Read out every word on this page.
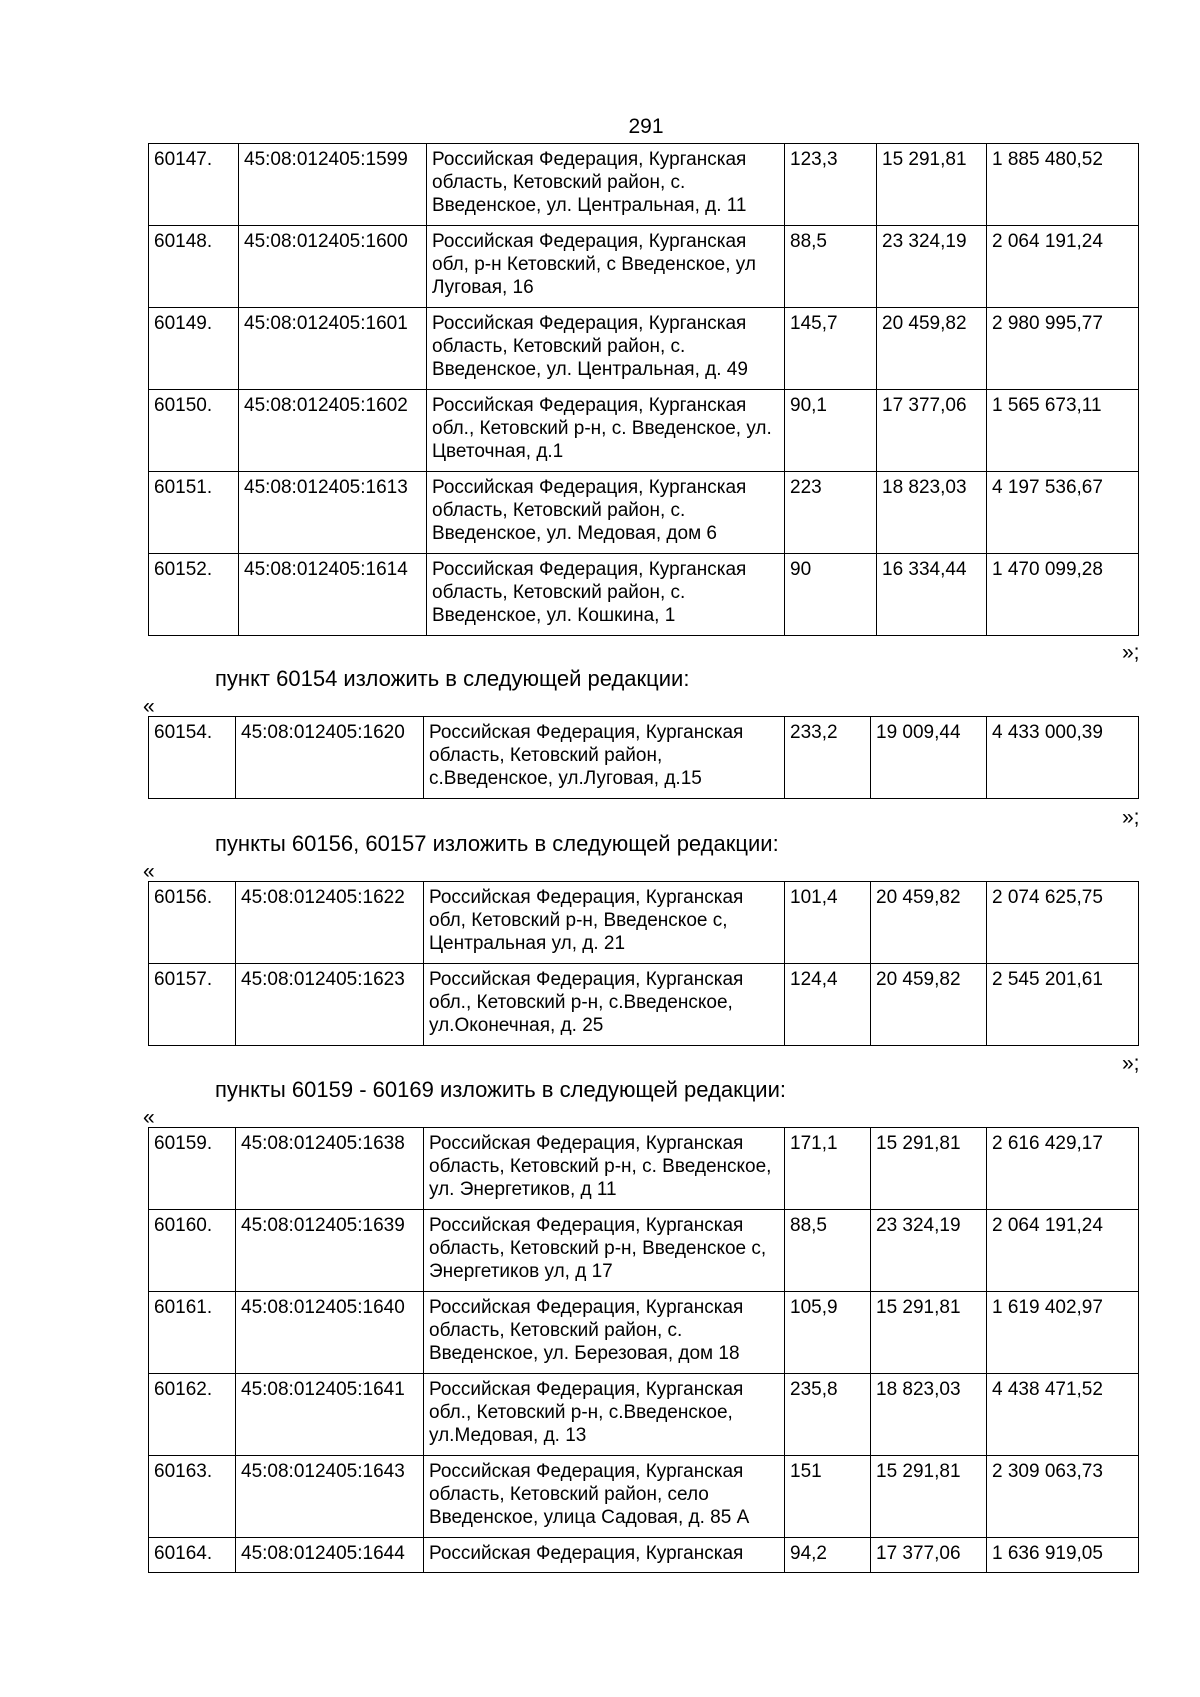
291
60147.	45:08:012405:1599	Российская Федерация, Курганская область, Кетовский район, с. Введенское, ул. Центральная, д. 11	123,3	15 291,81	1 885 480,52
60148.	45:08:012405:1600	Российская Федерация, Курганская обл, р-н Кетовский, с Введенское, ул Луговая, 16	88,5	23 324,19	2 064 191,24
60149.	45:08:012405:1601	Российская Федерация, Курганская область, Кетовский район, с. Введенское, ул. Центральная, д. 49	145,7	20 459,82	2 980 995,77
60150.	45:08:012405:1602	Российская Федерация, Курганская обл., Кетовский р-н, с. Введенское, ул. Цветочная, д.1	90,1	17 377,06	1 565 673,11
60151.	45:08:012405:1613	Российская Федерация, Курганская область, Кетовский район, с. Введенское, ул. Медовая, дом 6	223	18 823,03	4 197 536,67
60152.	45:08:012405:1614	Российская Федерация, Курганская область, Кетовский район, с. Введенское, ул. Кошкина, 1	90	16 334,44	1 470 099,28
»;
пункт 60154 изложить в следующей редакции:
«
60154.	45:08:012405:1620	Российская Федерация, Курганская область, Кетовский район, с.Введенское, ул.Луговая, д.15	233,2	19 009,44	4 433 000,39
»;
пункты 60156, 60157 изложить в следующей редакции:
«
60156.	45:08:012405:1622	Российская Федерация, Курганская обл, Кетовский р-н, Введенское с, Центральная ул, д. 21	101,4	20 459,82	2 074 625,75
60157.	45:08:012405:1623	Российская Федерация, Курганская обл., Кетовский р-н, с.Введенское, ул.Оконечная, д. 25	124,4	20 459,82	2 545 201,61
»;
пункты 60159 - 60169 изложить в следующей редакции:
«
60159.	45:08:012405:1638	Российская Федерация, Курганская область, Кетовский р-н, с. Введенское, ул. Энергетиков, д 11	171,1	15 291,81	2 616 429,17
60160.	45:08:012405:1639	Российская Федерация, Курганская область, Кетовский р-н, Введенское с, Энергетиков ул, д 17	88,5	23 324,19	2 064 191,24
60161.	45:08:012405:1640	Российская Федерация, Курганская область, Кетовский район, с. Введенское, ул. Березовая, дом 18	105,9	15 291,81	1 619 402,97
60162.	45:08:012405:1641	Российская Федерация, Курганская обл., Кетовский р-н, с.Введенское, ул.Медовая, д. 13	235,8	18 823,03	4 438 471,52
60163.	45:08:012405:1643	Российская Федерация, Курганская область, Кетовский район, село Введенское, улица Садовая, д. 85 А	151	15 291,81	2 309 063,73
60164.	45:08:012405:1644	Российская Федерация, Курганская	94,2	17 377,06	1 636 919,05
